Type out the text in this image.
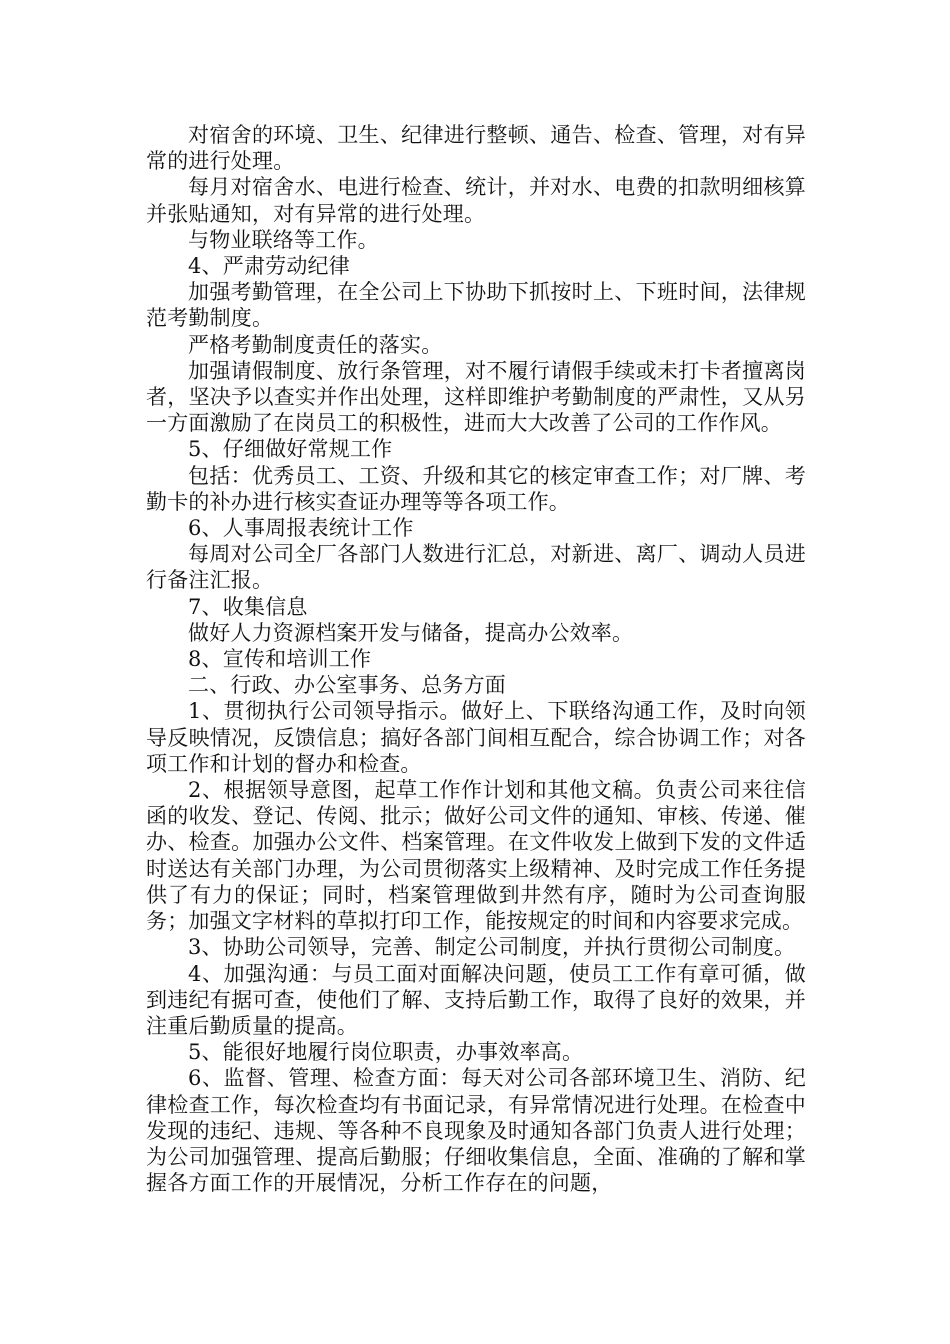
对宿舍的环境、卫生、纪律进行整顿、通告、检查、管理，对有异常的进行处理。

每月对宿舍水、电进行检查、统计，并对水、电费的扣款明细核算并张贴通知，对有异常的进行处理。

与物业联络等工作。

4、严肃劳动纪律

加强考勤管理，在全公司上下协助下抓按时上、下班时间，法律规范考勤制度。

严格考勤制度责任的落实。

加强请假制度、放行条管理，对不履行请假手续或未打卡者擅离岗者，坚决予以查实并作出处理，这样即维护考勤制度的严肃性，又从另一方面激励了在岗员工的积极性，进而大大改善了公司的工作作风。

5、仔细做好常规工作

包括：优秀员工、工资、升级和其它的核定审查工作；对厂牌、考勤卡的补办进行核实查证办理等等各项工作。

6、人事周报表统计工作

每周对公司全厂各部门人数进行汇总，对新进、离厂、调动人员进行备注汇报。

7、收集信息

做好人力资源档案开发与储备，提高办公效率。

8、宣传和培训工作

二、行政、办公室事务、总务方面

1、贯彻执行公司领导指示。做好上、下联络沟通工作，及时向领导反映情况，反馈信息；搞好各部门间相互配合，综合协调工作；对各项工作和计划的督办和检查。

2、根据领导意图，起草工作作计划和其他文稿。负责公司来往信函的收发、登记、传阅、批示；做好公司文件的通知、审核、传递、催办、检查。加强办公文件、档案管理。在文件收发上做到下发的文件适时送达有关部门办理，为公司贯彻落实上级精神、及时完成工作任务提供了有力的保证；同时，档案管理做到井然有序，随时为公司查询服务；加强文字材料的草拟打印工作，能按规定的时间和内容要求完成。

3、协助公司领导，完善、制定公司制度，并执行贯彻公司制度。

4、加强沟通：与员工面对面解决问题，使员工工作有章可循，做到违纪有据可查，使他们了解、支持后勤工作，取得了良好的效果，并注重后勤质量的提高。

5、能很好地履行岗位职责，办事效率高。

6、监督、管理、检查方面：每天对公司各部环境卫生、消防、纪律检查工作，每次检查均有书面记录，有异常情况进行处理。在检查中发现的违纪、违规、等各种不良现象及时通知各部门负责人进行处理；为公司加强管理、提高后勤服；仔细收集信息，全面、准确的了解和掌握各方面工作的开展情况，分析工作存在的问题，
